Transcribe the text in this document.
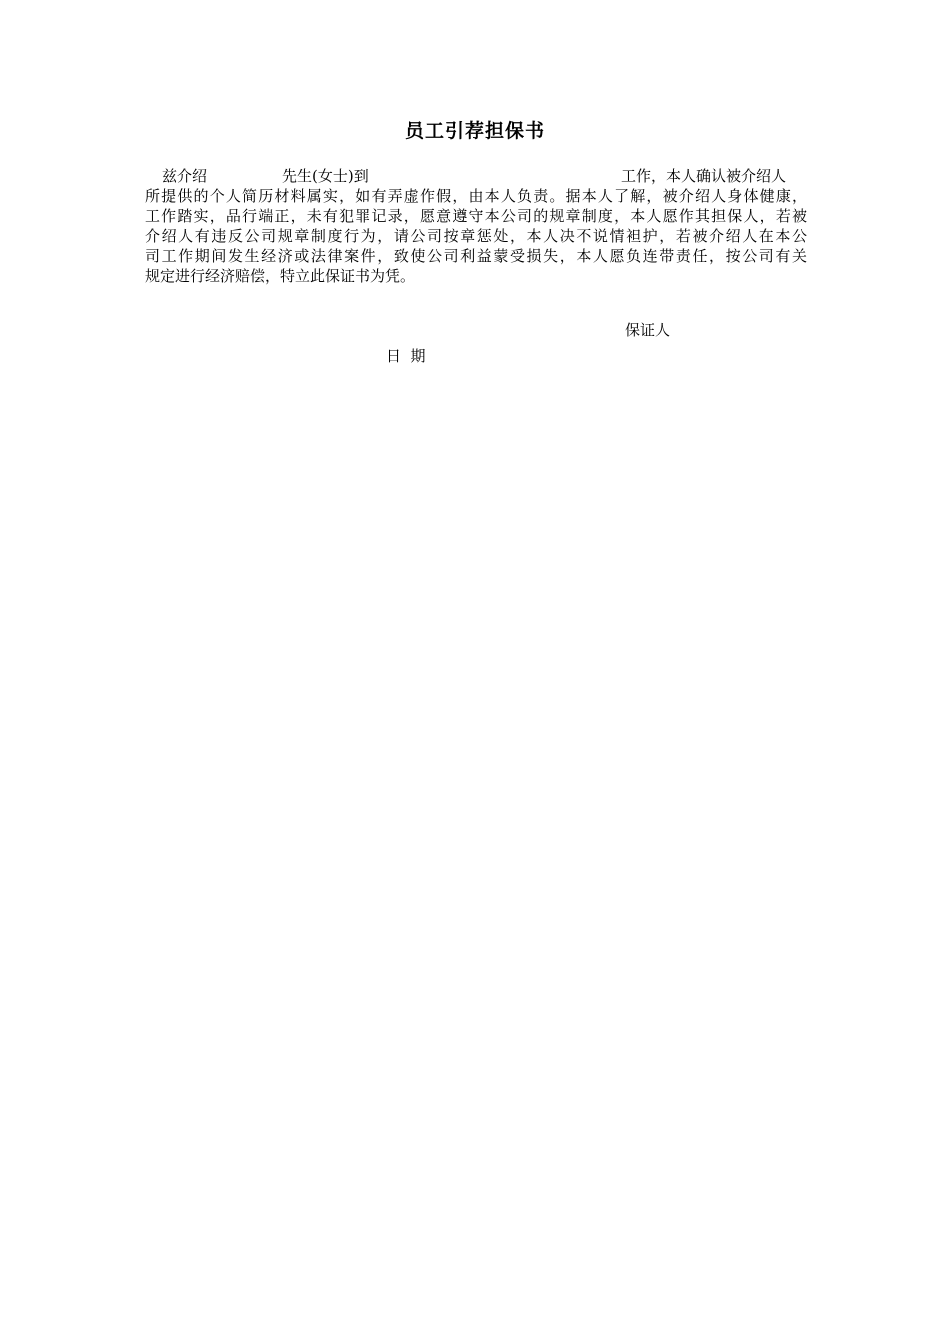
员工引荐担保书
兹介绍	先生(女士)到	工作，本人确认被介绍人
所提供的个人简历材料属实，如有弄虚作假，由本人负责。据本人了解，被介绍人身体健康，
工作踏实，品行端正，未有犯罪记录，愿意遵守本公司的规章制度，本人愿作其担保人，若被
介绍人有违反公司规章制度行为，请公司按章惩处，本人决不说情袒护，若被介绍人在本公
司工作期间发生经济或法律案件，致使公司利益蒙受损失，本人愿负连带责任，按公司有关
规定进行经济赔偿，特立此保证书为凭。
保证人
日  期
